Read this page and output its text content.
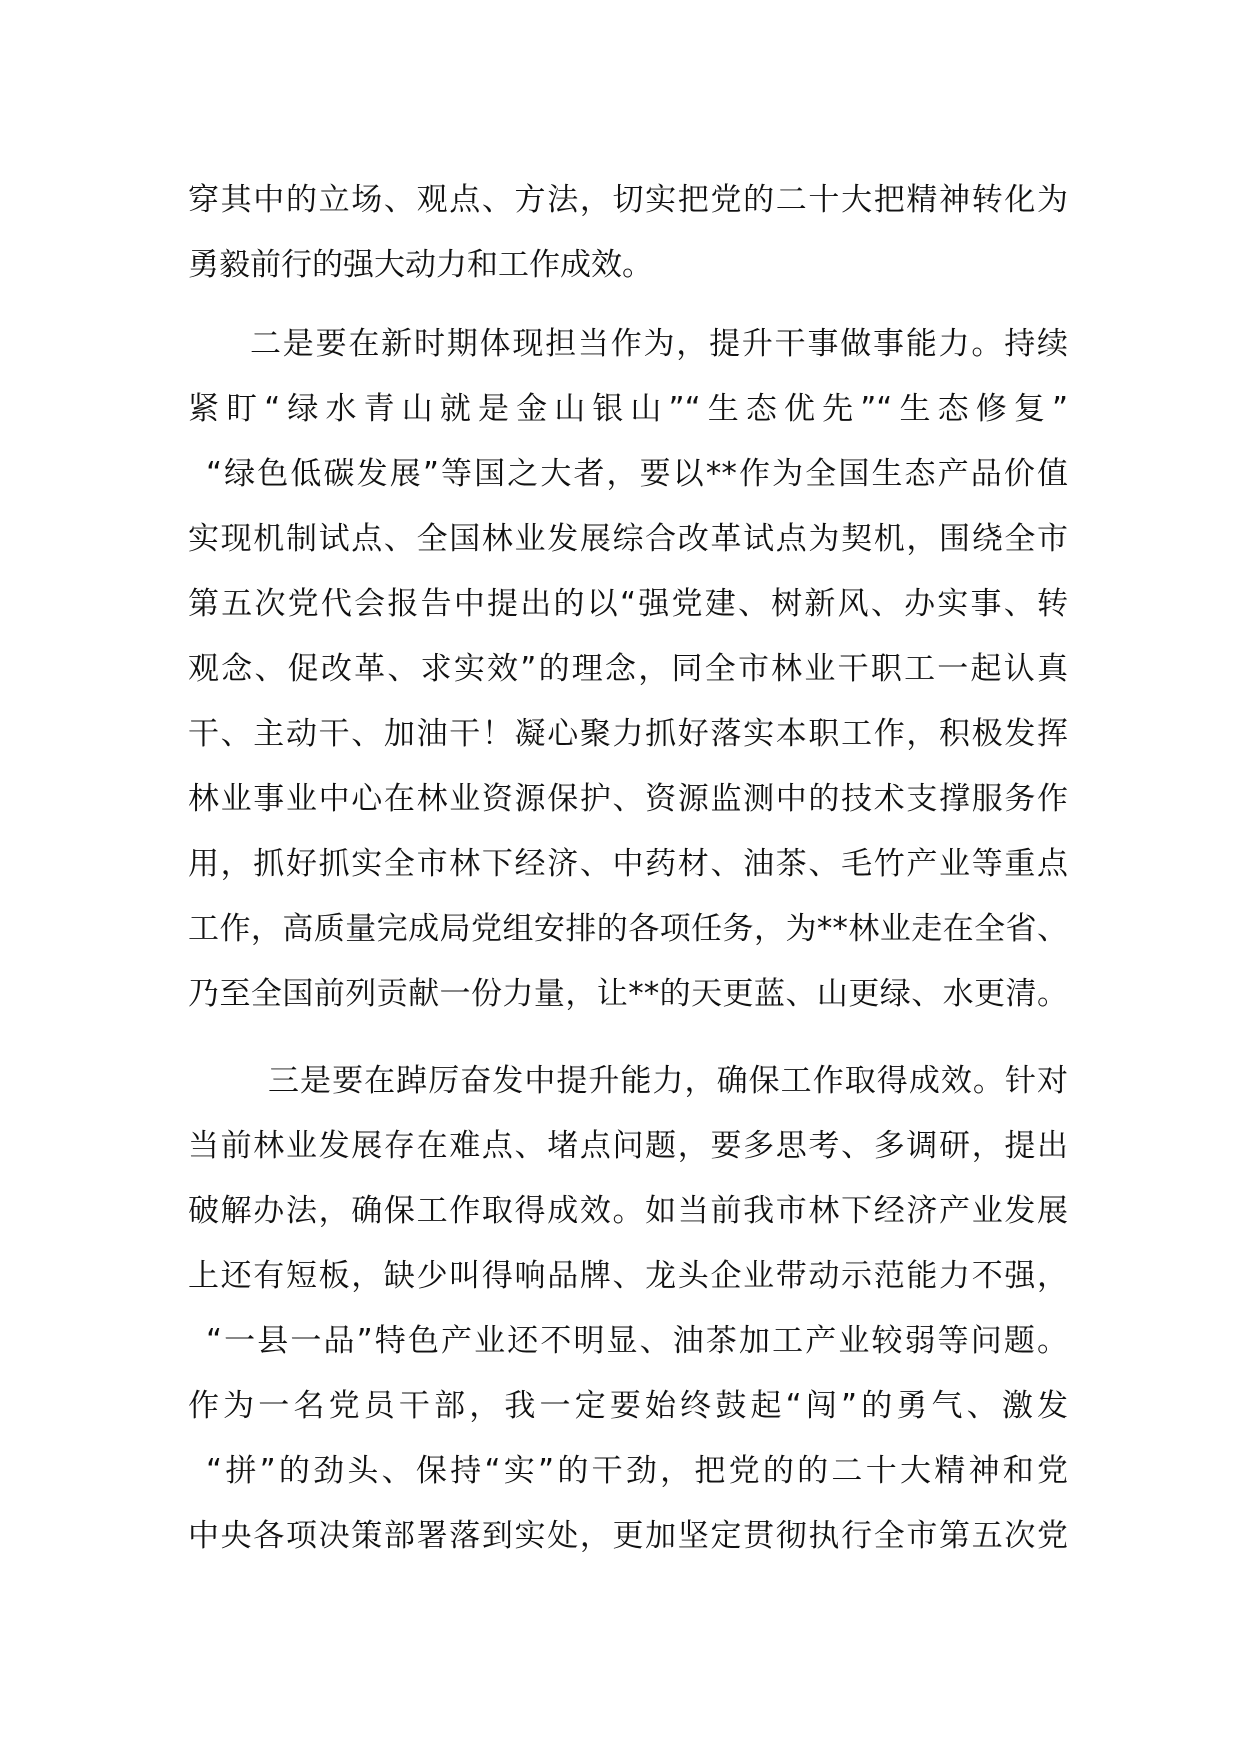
穿其中的立场、观点、方法，切实把党的二十大把精神转化为
勇毅前行的强大动力和工作成效。
二是要在新时期体现担当作为，提升干事做事能力。持续
紧盯“绿水青山就是金山银山”“生态优先”“生态修复”
“绿色低碳发展”等国之大者，要以**作为全国生态产品价值
实现机制试点、全国林业发展综合改革试点为契机，围绕全市
第五次党代会报告中提出的以“强党建、树新风、办实事、转
观念、促改革、求实效”的理念，同全市林业干职工一起认真
干、主动干、加油干！凝心聚力抓好落实本职工作，积极发挥
林业事业中心在林业资源保护、资源监测中的技术支撑服务作
用，抓好抓实全市林下经济、中药材、油茶、毛竹产业等重点
工作，高质量完成局党组安排的各项任务，为**林业走在全省、
乃至全国前列贡献一份力量，让**的天更蓝、山更绿、水更清。
三是要在踔厉奋发中提升能力，确保工作取得成效。针对
当前林业发展存在难点、堵点问题，要多思考、多调研，提出
破解办法，确保工作取得成效。如当前我市林下经济产业发展
上还有短板，缺少叫得响品牌、龙头企业带动示范能力不强，
“一县一品”特色产业还不明显、油茶加工产业较弱等问题。
作为一名党员干部，我一定要始终鼓起“闯”的勇气、激发
“拼”的劲头、保持“实”的干劲，把党的的二十大精神和党
中央各项决策部署落到实处，更加坚定贯彻执行全市第五次党
